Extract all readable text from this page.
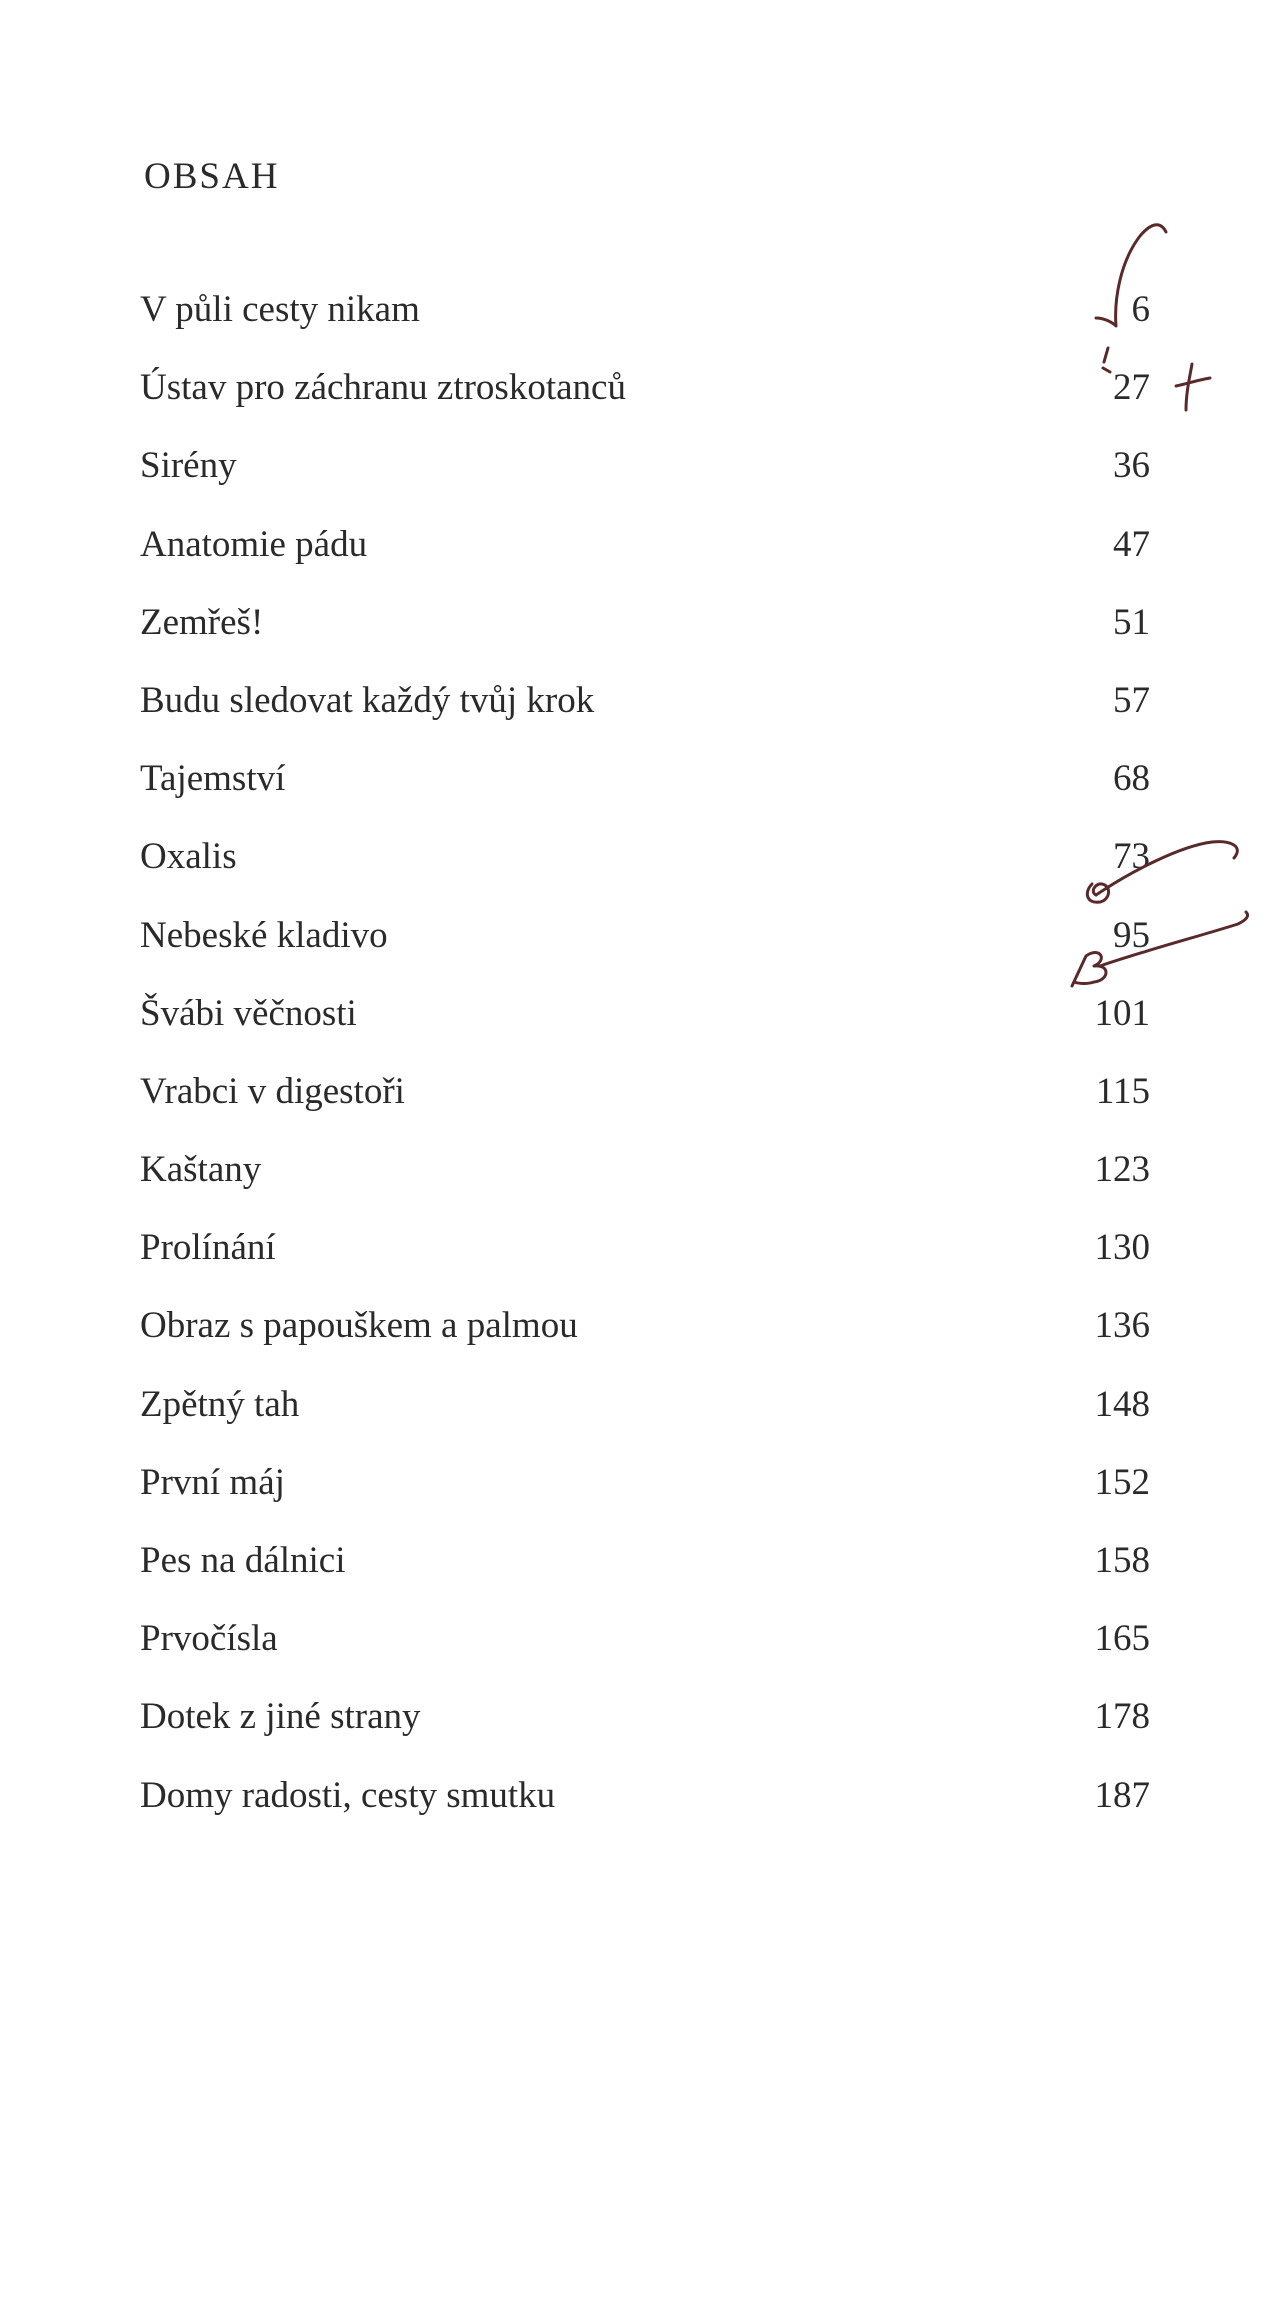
OBSAH
V půli cesty nikam	6
Ústav pro záchranu ztroskotanců	27
Sirény	36
Anatomie pádu	47
Zemřeš!	51
Budu sledovat každý tvůj krok	57
Tajemství	68
Oxalis	73
Nebeské kladivo	95
Švábi věčnosti	101
Vrabci v digestoři	115
Kaštany	123
Prolínání	130
Obraz s papouškem a palmou	136
Zpětný tah	148
První máj	152
Pes na dálnici	158
Prvočísla	165
Dotek z jiné strany	178
Domy radosti, cesty smutku	187
